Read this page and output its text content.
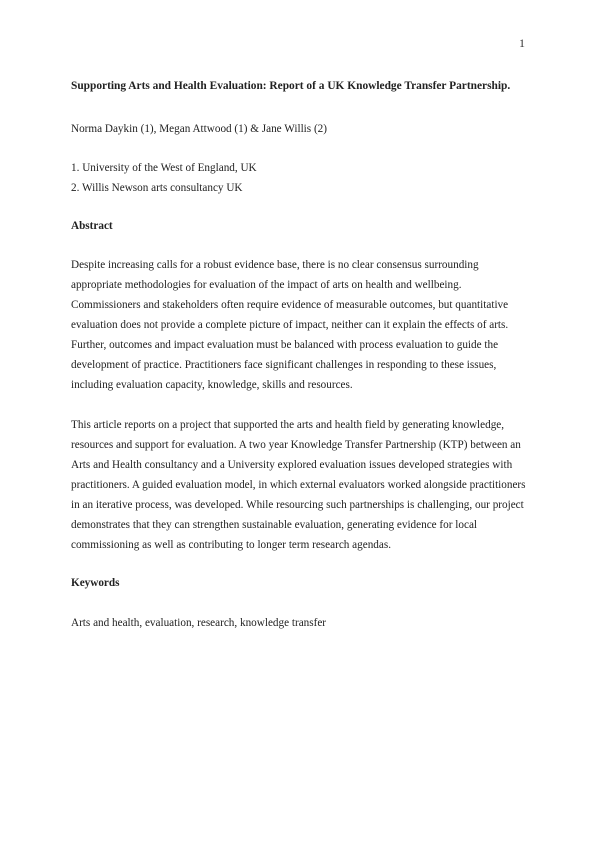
1
Supporting Arts and Health Evaluation: Report of a UK Knowledge Transfer Partnership.
Norma Daykin (1), Megan Attwood (1) & Jane Willis (2)
1. University of the West of England, UK
2. Willis Newson arts consultancy UK
Abstract

Despite increasing calls for a robust evidence base, there is no clear consensus surrounding appropriate methodologies for evaluation of the impact of arts on health and wellbeing. Commissioners and stakeholders often require evidence of measurable outcomes, but quantitative evaluation does not provide a complete picture of impact, neither can it explain the effects of arts. Further, outcomes and impact evaluation must be balanced with process evaluation to guide the development of practice. Practitioners face significant challenges in responding to these issues, including evaluation capacity, knowledge, skills and resources.

This article reports on a project that supported the arts and health field by generating knowledge, resources and support for evaluation. A two year Knowledge Transfer Partnership (KTP) between an Arts and Health consultancy and a University explored evaluation issues developed strategies with practitioners. A guided evaluation model, in which external evaluators worked alongside practitioners in an iterative process, was developed. While resourcing such partnerships is challenging, our project demonstrates that they can strengthen sustainable evaluation, generating evidence for local commissioning as well as contributing to longer term research agendas.

Keywords
Arts and health, evaluation, research, knowledge transfer
